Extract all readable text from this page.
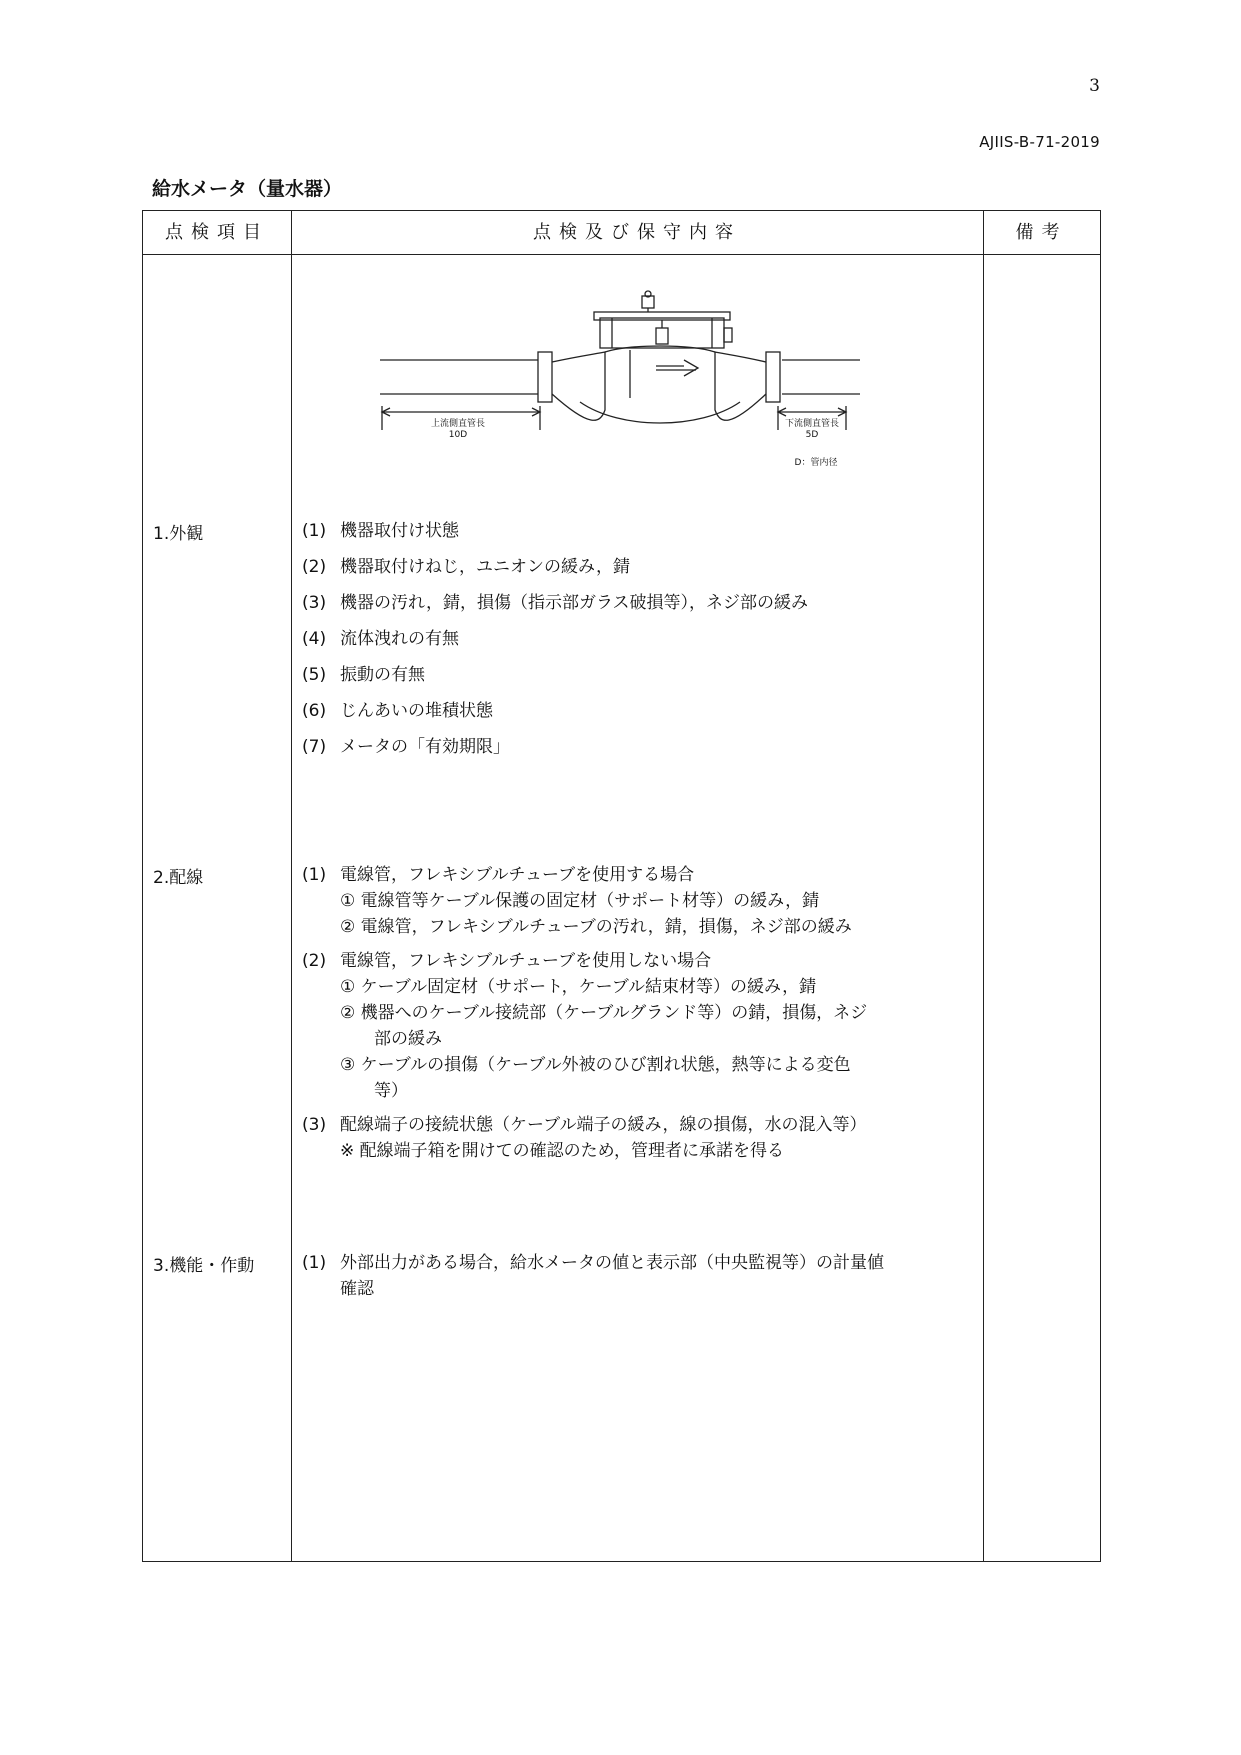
3
AJIIS-B-71-2019
給水メータ（量水器）
点検項目	点検及び保守内容	備考
1.外観	(1) 機器取付け状態
(2) 機器取付けねじ，ユニオンの緩み，錆
(3) 機器の汚れ，錆，損傷（指示部ガラス破損等），ネジ部の緩み
(4) 流体洩れの有無
(5) 振動の有無
(6) じんあいの堆積状態
(7) メータの「有効期限」
2.配線	(1) 電線管，フレキシブルチューブを使用する場合
① 電線管等ケーブル保護の固定材（サポート材等）の緩み，錆
② 電線管，フレキシブルチューブの汚れ，錆，損傷，ネジ部の緩み
(2) 電線管，フレキシブルチューブを使用しない場合
① ケーブル固定材（サポート，ケーブル結束材等）の緩み，錆
② 機器へのケーブル接続部（ケーブルグランド等）の錆，損傷，ネジ
部の緩み
③ ケーブルの損傷（ケーブル外被のひび割れ状態，熱等による変色
等）
(3) 配線端子の接続状態（ケーブル端子の緩み，線の損傷，水の混入等）
※ 配線端子箱を開けての確認のため，管理者に承諾を得る
3.機能・作動	(1) 外部出力がある場合，給水メータの値と表示部（中央監視等）の計量値
確認
上流側直管長
10D
下流側直管長
5D
D：管内径
